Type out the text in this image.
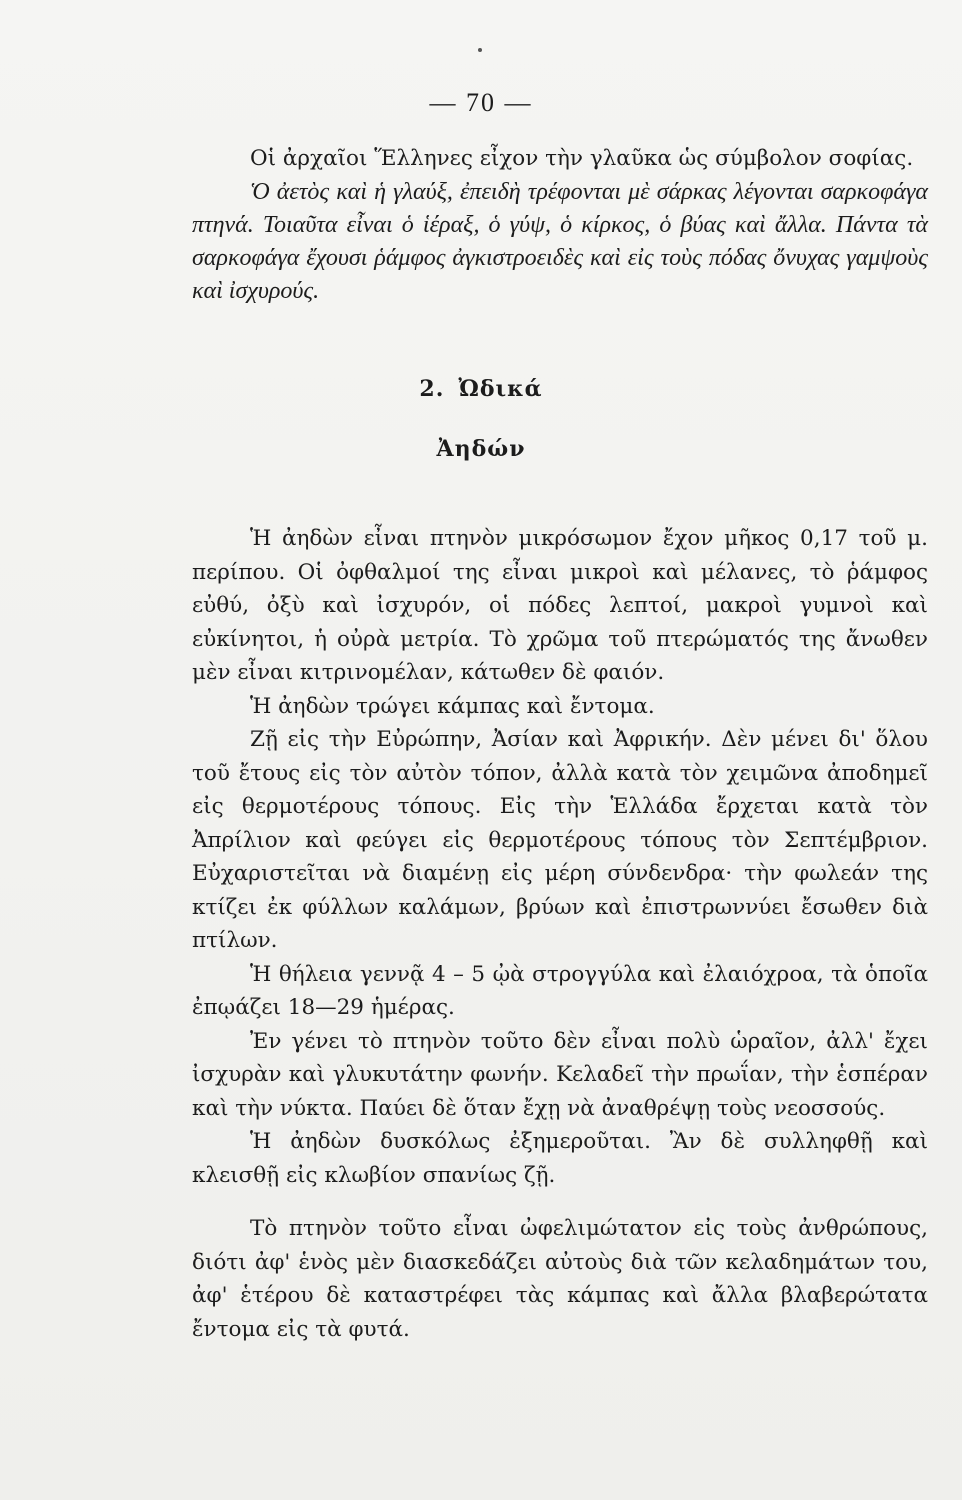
— 70 —

Οἱ ἀρχαῖοι Ἕλληνες εἶχον τὴν γλαῦκα ὡς σύμβολον σοφίας.

Ὁ ἀετὸς καὶ ἡ γλαύξ, ἐπειδὴ τρέφονται μὲ σάρκας λέγονται σαρκοφάγα πτηνά. Τοιαῦτα εἶναι ὁ ἱέραξ, ὁ γύψ, ὁ κίρκος, ὁ βύας καὶ ἄλλα. Πάντα τὰ σαρκοφάγα ἔχουσι ῥάμφος ἀγκιστροειδὲς καὶ εἰς τοὺς πόδας ὄνυχας γαμψοὺς καὶ ἰσχυρούς.

2. Ὠδικά
Ἀηδών

Ἡ ἀηδὼν εἶναι πτηνὸν μικρόσωμον ἔχον μῆκος 0,17 τοῦ μ. περίπου. Οἱ ὀφθαλμοί της εἶναι μικροὶ καὶ μέλανες, τὸ ῥάμφος εὐθύ, ὀξὺ καὶ ἰσχυρόν, οἱ πόδες λεπτοί, μακροὶ γυμνοὶ καὶ εὐκίνητοι, ἡ οὐρὰ μετρία. Τὸ χρῶμα τοῦ πτερώματός της ἄνωθεν μὲν εἶναι κιτρινομέλαν, κάτωθεν δὲ φαιόν.

Ἡ ἀηδὼν τρώγει κάμπας καὶ ἔντομα.

Ζῇ εἰς τὴν Εὐρώπην, Ἀσίαν καὶ Ἀφρικήν. Δὲν μένει δι' ὅλου τοῦ ἔτους εἰς τὸν αὐτὸν τόπον, ἀλλὰ κατὰ τὸν χειμῶνα ἀποδημεῖ εἰς θερμοτέρους τόπους. Εἰς τὴν Ἑλλάδα ἔρχεται κατὰ τὸν Ἀπρίλιον καὶ φεύγει εἰς θερμοτέρους τόπους τὸν Σεπτέμβριον. Εὐχαριστεῖται νὰ διαμένῃ εἰς μέρη σύνδενδρα· τὴν φωλεάν της κτίζει ἐκ φύλλων καλάμων, βρύων καὶ ἐπιστρωννύει ἔσωθεν διὰ πτίλων.

Ἡ θήλεια γεννᾷ 4 – 5 ᾠὰ στρογγύλα καὶ ἐλαιόχροα, τὰ ὁποῖα ἐπῳάζει 18—29 ἡμέρας.

Ἐν γένει τὸ πτηνὸν τοῦτο δὲν εἶναι πολὺ ὡραῖον, ἀλλ' ἔχει ἰσχυρὰν καὶ γλυκυτάτην φωνήν. Κελαδεῖ τὴν πρωΐαν, τὴν ἑσπέραν καὶ τὴν νύκτα. Παύει δὲ ὅταν ἔχῃ νὰ ἀναθρέψῃ τοὺς νεοσσούς.

Ἡ ἀηδὼν δυσκόλως ἐξημεροῦται. Ἂν δὲ συλληφθῇ καὶ κλεισθῇ εἰς κλωβίον σπανίως ζῇ.

Τὸ πτηνὸν τοῦτο εἶναι ὠφελιμώτατον εἰς τοὺς ἀνθρώπους, διότι ἀφ' ἑνὸς μὲν διασκεδάζει αὐτοὺς διὰ τῶν κελαδημάτων του, ἀφ' ἑτέρου δὲ καταστρέφει τὰς κάμπας καὶ ἄλλα βλαβερώτατα ἔντομα εἰς τὰ φυτά.
